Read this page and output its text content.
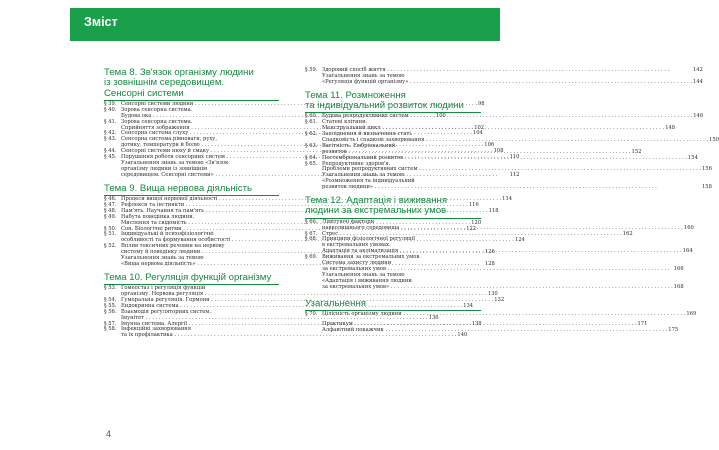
Зміст
Тема 8. Зв'язок організму людини
із зовнішнім середовищем.
Сенсорні системи
§ 39. Сенсорні системи людини . . .	98
§ 40. Зорова сенсорна система.
Будова ока . . .	100
§ 41. Зорова сенсорна система.
Сприйняття зображення . . .	102
§ 42. Сенсорна система слуху . . .	104
§ 43. Сенсорна система рівноваги, руху,
дотику, температури й болю . . .	106
§ 44. Сенсорні системи нюху й смаку . . .	108
§ 45. Порушення роботи сенсорних систем . . .	110
Узагальнення знань за темою «Зв'язок
організму людини із зовнішнім
середовищем. Сенсорні системи» . . .	112
Тема 9. Вища нервова діяльність
§ 46. Процеси вищої нервової діяльності . . .	114
§ 47. Рефлекси та інстинкти . . .	116
§ 48. Пам'ять. Научання та пам'ять . . .	118
§ 49. Набута поведінка людини.
Мислення та свідомість . . .	120
§ 50. Сон. Біологічні ритми . . .	122
§ 51. Індивідуальні й психофізіологічні
особливості та формування особистості . . .	124
§ 52. Вплив токсичних речовин на нервову
систему й поведінку людини . . .	126
Узагальнення знань за темою
«Вища нервова діяльність» . . .	128
Тема 10. Регуляція функцій організму
§ 53. Гомеостаз і регуляція функцій
організму. Нервова регуляція . . .	130
§ 54. Гуморальна регуляція. Гормони . . .	132
§ 55. Ендокринна система . . .	134
§ 56. Взаємодія регуляторних систем.
Імунітет . . .	136
§ 57. Імунна система. Алергії . . .	138
§ 58. Інфекційні захворювання
та їх профілактика . . .	140
§ 59. Здоровий спосіб життя . . .	142
Узагальнення знань за темою
«Регуляція функцій організму» . . .	144
Тема 11. Розмноження
та індивідуальний розвиток людини
§ 60. Будова репродуктивних систем . . .	146
§ 61. Статеві клітини.
Менструальний цикл . . .	148
§ 62. Запліднення й визначення статі.
Спадковість і спадкові захворювання . . .	150
§ 63. Вагітність. Ембріональний
розвиток . . .	152
§ 64. Постембріональний розвиток . . .	154
§ 65. Репродуктивне здоров'я.
Проблеми репродуктивних систем . . .	156
Узагальнення знань за темою
«Розмноження та індивідуальний
розвиток людини» . . .	158
Тема 12. Адаптація і виживання
людини за екстремальних умов
§ 66. Лімітуючі фактори
навколишнього середовища . . .	160
§ 67. Стрес . . .	162
§ 68. Принципи фізіологічної регуляції
в екстремальних умовах.
Адаптація та акліматизація . . .	164
§ 69. Виживання за екстремальних умов.
Система захисту людини
за екстремальних умов . . .	166
Узагальнення знань за темою
«Адаптація і виживання людини
за екстремальних умов» . . .	168
Узагальнення
§ 70. Цілісність організму людини . . .	169
Практикум . . .	171
Алфавітний покажчик . . .	175
4
